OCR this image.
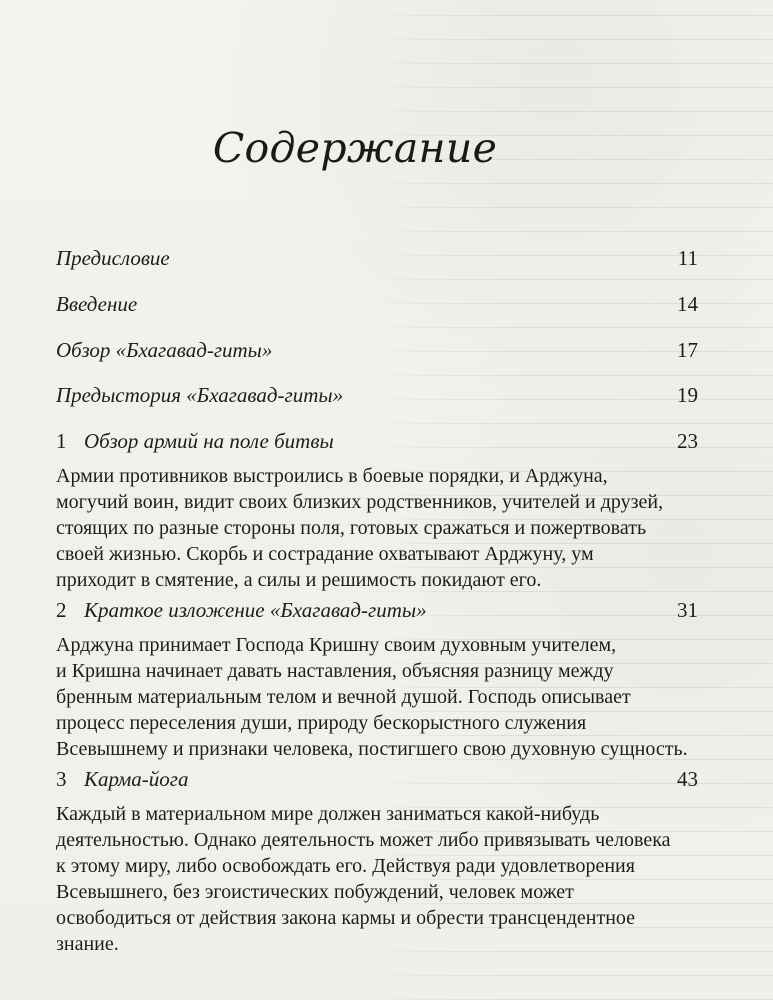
Содержание
Предисловие	11
Введение	14
Обзор «Бхагавад-гиты»	17
Предыстория «Бхагавад-гиты»	19
1 Обзор армий на поле битвы	23

Армии противников выстроились в боевые порядки, и Арджуна,
могучий воин, видит своих близких родственников, учителей и друзей,
стоящих по разные стороны поля, готовых сражаться и пожертвовать
своей жизнью. Скорбь и сострадание охватывают Арджуну, ум
приходит в смятение, а силы и решимость покидают его.

2 Краткое изложение «Бхагавад-гиты»	31

Арджуна принимает Господа Кришну своим духовным учителем,
и Кришна начинает давать наставления, объясняя разницу между
бренным материальным телом и вечной душой. Господь описывает
процесс переселения души, природу бескорыстного служения
Всевышнему и признаки человека, постигшего свою духовную сущность.

3 Карма-йога	43

Каждый в материальном мире должен заниматься какой-нибудь
деятельностью. Однако деятельность может либо привязывать человека
к этому миру, либо освобождать его. Действуя ради удовлетворения
Всевышнего, без эгоистических побуждений, человек может
освободиться от действия закона кармы и обрести трансцендентное
знание.
